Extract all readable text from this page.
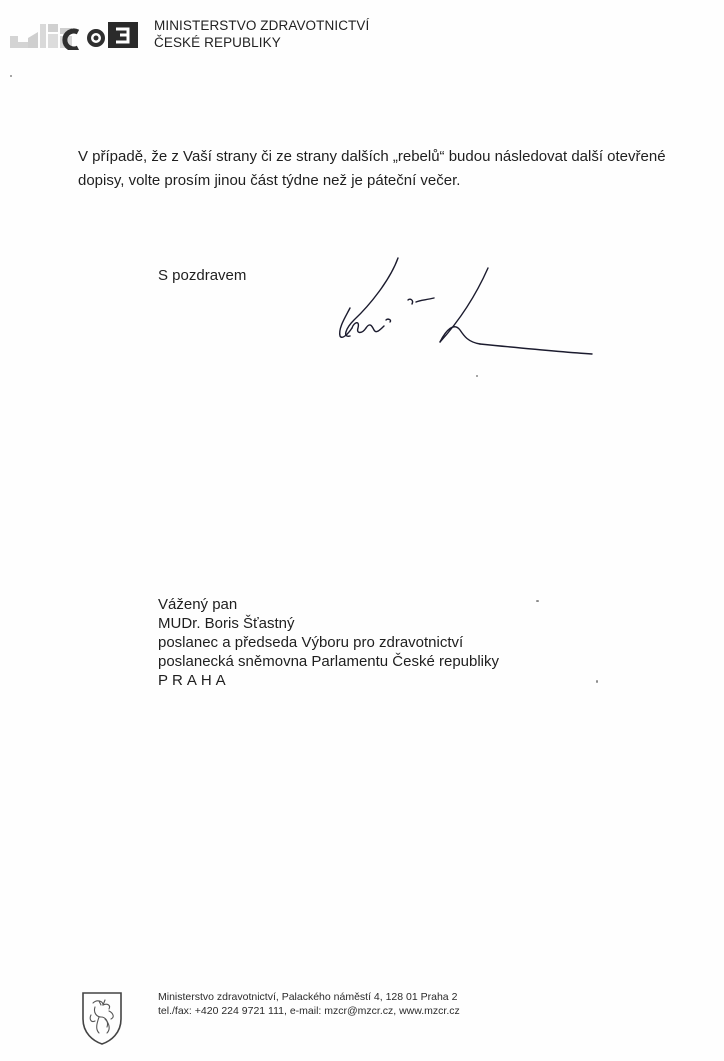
MINISTERSTVO ZDRAVOTNICTVÍ
ČESKÉ REPUBLIKY
V případě, že z Vaší strany či ze strany dalších „rebelů“ budou následovat další otevřené dopisy, volte prosím jinou část týdne než je páteční večer.
S pozdravem
Vážený pan
MUDr. Boris Šťastný
poslanec a předseda Výboru pro zdravotnictví
poslanecká sněmovna Parlamentu České republiky
PRAHA
Ministerstvo zdravotnictví, Palackého náměstí 4, 128 01 Praha 2
tel./fax: +420 224 9721 111, e-mail: mzcr@mzcr.cz, www.mzcr.cz
